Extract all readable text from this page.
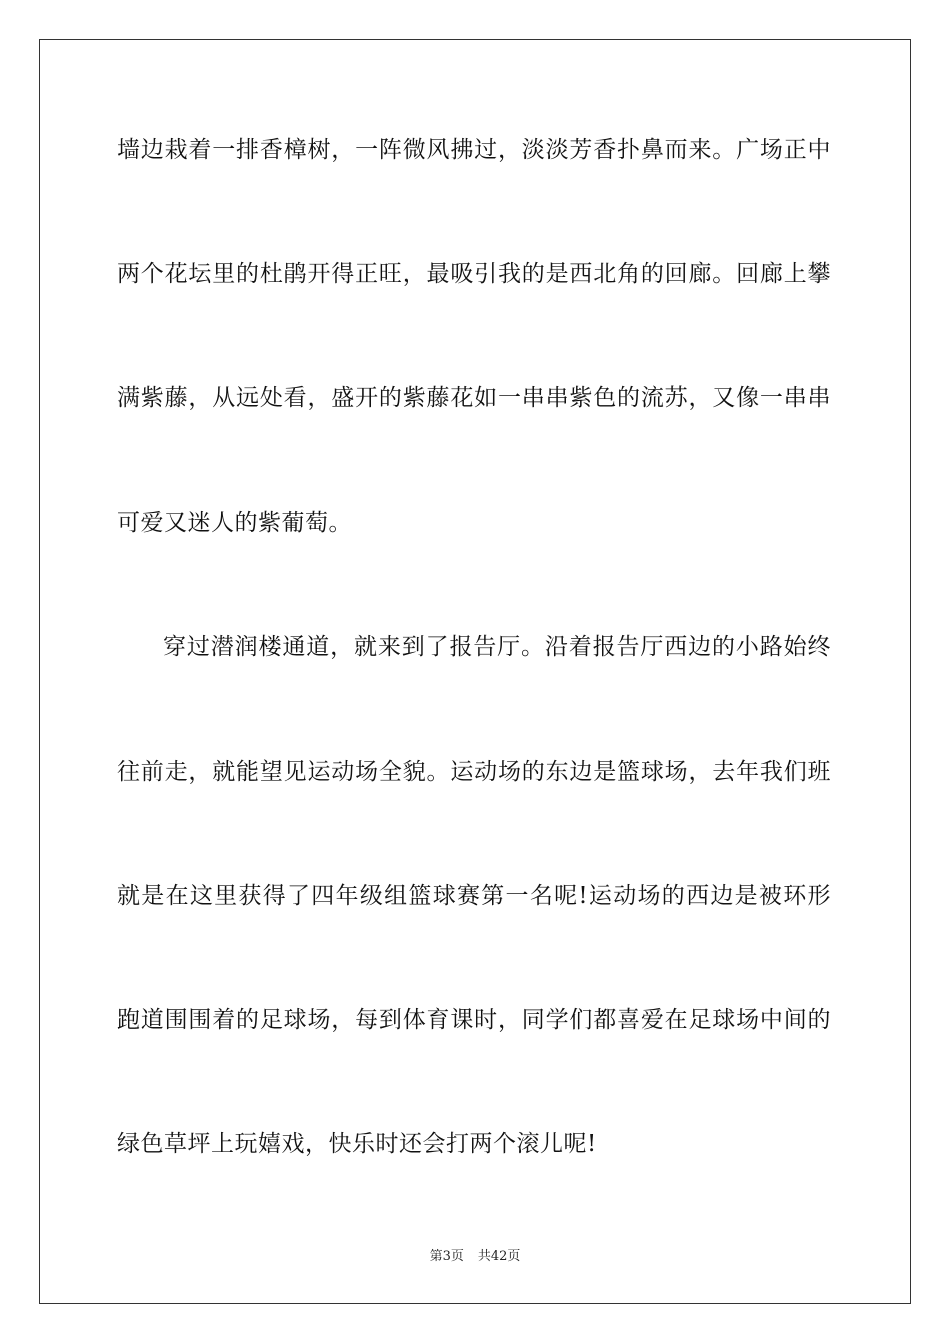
墙边栽着一排香樟树，一阵微风拂过，淡淡芳香扑鼻而来。广场正中
两个花坛里的杜鹃开得正旺，最吸引我的是西北角的回廊。回廊上攀
满紫藤，从远处看，盛开的紫藤花如一串串紫色的流苏，又像一串串
可爱又迷人的紫葡萄。
穿过潜润楼通道，就来到了报告厅。沿着报告厅西边的小路始终
往前走，就能望见运动场全貌。运动场的东边是篮球场，去年我们班
就是在这里获得了四年级组篮球赛第一名呢!运动场的西边是被环形
跑道围围着的足球场，每到体育课时，同学们都喜爱在足球场中间的
绿色草坪上玩嬉戏，快乐时还会打两个滚儿呢!
第3页 共42页
